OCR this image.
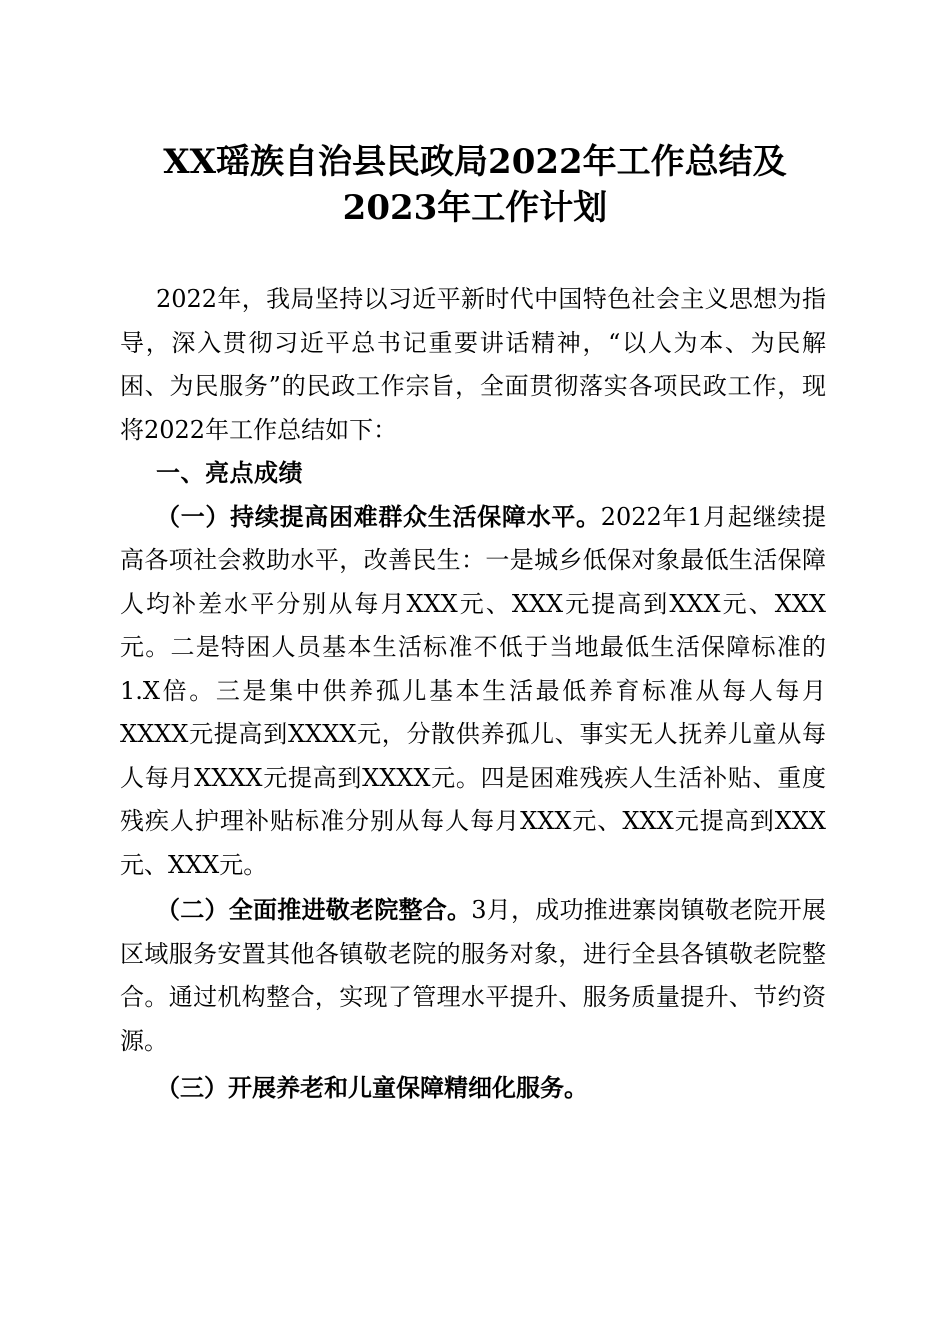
XX瑶族自治县民政局2022年工作总结及
2023年工作计划

2022年，我局坚持以习近平新时代中国特色社会主义思想为指导，深入贯彻习近平总书记重要讲话精神，“以人为本、为民解困、为民服务”的民政工作宗旨，全面贯彻落实各项民政工作，现将2022年工作总结如下：

一、亮点成绩

（一）持续提高困难群众生活保障水平。2022年1月起继续提高各项社会救助水平，改善民生：一是城乡低保对象最低生活保障人均补差水平分别从每月XXX元、XXX元提高到XXX元、XXX元。二是特困人员基本生活标准不低于当地最低生活保障标准的1.X倍。三是集中供养孤儿基本生活最低养育标准从每人每月XXXX元提高到XXXX元，分散供养孤儿、事实无人抚养儿童从每人每月XXXX元提高到XXXX元。四是困难残疾人生活补贴、重度残疾人护理补贴标准分别从每人每月XXX元、XXX元提高到XXX元、XXX元。

（二）全面推进敬老院整合。3月，成功推进寨岗镇敬老院开展区域服务安置其他各镇敬老院的服务对象，进行全县各镇敬老院整合。通过机构整合，实现了管理水平提升、服务质量提升、节约资源。

（三）开展养老和儿童保障精细化服务。
